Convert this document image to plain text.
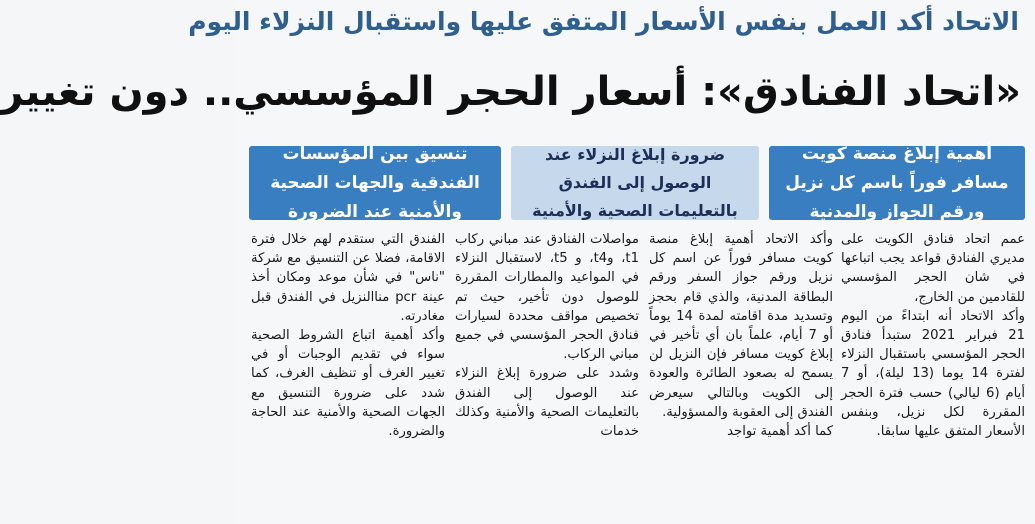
الاتحاد أكد العمل بنفس الأسعار المتفق عليها واستقبال النزلاء اليوم
«اتحاد الفنادق»: أسعار الحجر المؤسسي.. دون تغيير
أهمية إبلاغ منصة كويت مسافر فوراً باسم كل نزيل ورقم الجواز والمدنية
ضرورة إبلاغ النزلاء عند الوصول إلى الفندق بالتعليمات الصحية والأمنية
تنسيق بين المؤسسات الفندقية والجهات الصحية والأمنية عند الضرورة

عمم اتحاد فنادق الكويت على مديري الفنادق قواعد يجب اتباعها في شان الحجر المؤسسي للقادمين من الخارج،
وأكد الاتحاد أنه ابتداءً من اليوم 21 فبراير 2021 ستبدأ فنادق الحجر المؤسسي باستقبال النزلاء لفترة 14 يوما (13 ليلة)، أو 7 أيام (6 ليالي) حسب فترة الحجر المقررة لكل نزيل، وبنفس الأسعار المتفق عليها سابقا.

وأكد الاتحاد أهمية إبلاغ منصة كويت مسافر فوراً عن اسم كل نزيل ورقم جواز السفر ورقم البطاقة المدنية، والذي قام بحجز وتسديد مدة اقامته لمدة 14 يوماً أو 7 أيام، علماً بان أي تأخير في إبلاغ كويت مسافر فإن النزيل لن يسمح له بصعود الطائرة والعودة إلى الكويت وبالتالي سيعرض الفندق إلى العقوبة والمسؤولية.
كما أكد أهمية تواجد

مواصلات الفنادق عند مباني ركاب t1، وt4، و t5، لاستقبال النزلاء في المواعيد والمطارات المقررة للوصول دون تأخير، حيث تم تخصيص مواقف محددة لسيارات فنادق الحجر المؤسسي في جميع مباني الركاب.
وشدد على ضرورة إبلاغ النزلاء عند الوصول إلى الفندق بالتعليمات الصحية والأمنية وكذلك خدمات

الفندق التي ستقدم لهم خلال فترة الاقامة، فضلا عن التنسيق مع شركة "ناس" في شأن موعد ومكان أخذ عينة pcr مناالنزيل في الفندق قبل مغادرته.
وأكد أهمية اتباع الشروط الصحية سواء في تقديم الوجبات أو في تغيير الغرف أو تنظيف الغرف، كما شدد على ضرورة التنسيق مع الجهات الصحية والأمنية عند الحاجة والضرورة.
